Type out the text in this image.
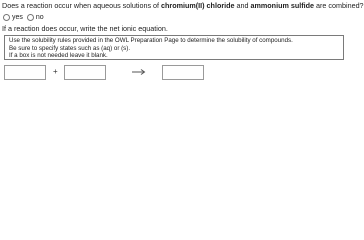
Does a reaction occur when aqueous solutions of chromium(II) chloride and ammonium sulfide are combined?
yes no
If a reaction does occur, write the net ionic equation.
Use the solubility rules provided in the OWL Preparation Page to determine the solubility of compounds.
Be sure to specify states such as (aq) or (s).
If a box is not needed leave it blank.
+
